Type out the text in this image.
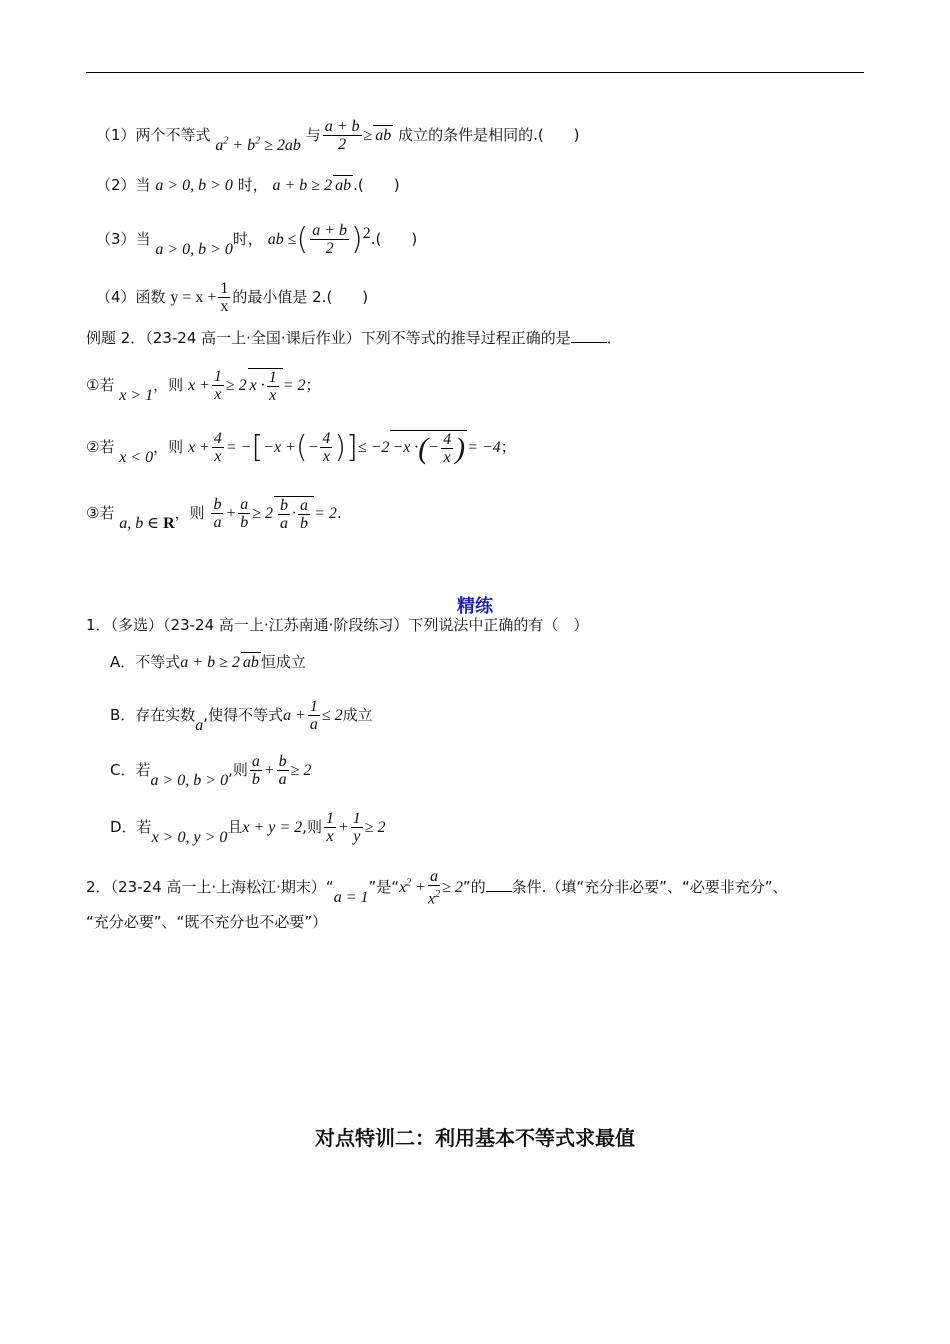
（1）两个不等式 $a^2 + b^2 \ge 2ab$ 与 $\frac{a + b}{2}$ ≥ ab 成立的条件是相同的.(　　)
（2）当 a > 0, b > 0 时， a + b ≥ 2 ab .(　　)
（3）当 a > 0, b > 0时， ab ≤( $\frac{a + b}{2} )^2$.(　　)
（4）函数 $y = x + \frac{1}{x}$ 的最小值是 2.(　　)
例题 2．（23-24 高一上·全国·课后作业）下列不等式的推导过程正确的是 ．
①若 x > 1，则 $x + \frac{1}{x} \ge 2$ $x \cdot \frac{1}{x} = 2$；
②若 x < 0，则 $x + \frac{4}{x} = -[-x$ +(− $\frac{4}{x}$ )]≤ −2 −x ·(− $\frac{4}{x}$ ) = −4；
③若 a, b ∈ R，则 $\frac{b}{a} + \frac{a}{b} \ge 2 \frac{b}{a} \cdot \frac{a}{b} = 2$.
精练
1．（多选）（23-24 高一上·江苏南通·阶段练习）下列说法中正确的有（　）
A．不等式a + b ≥ 2 ab 恒成立
B．存在实数a,使得不等式$a + \frac{1}{a} \le 2$成立
C．若a > 0, b > 0,则 $\frac{a}{b} + \frac{b}{a} \ge 2$
D．若x > 0, y > 0且x + y = 2,则 $\frac{1}{x} + \frac{1}{y} \ge 2$
2．（23-24 高一上·上海松江·期末）“a = 1”是“$x^2 + \frac{a}{x^2} \ge 2$”的 条件.（填“充分非必要”、“必要非充分”、
“充分必要”、“既不充分也不必要”）
对点特训二：利用基本不等式求最值
